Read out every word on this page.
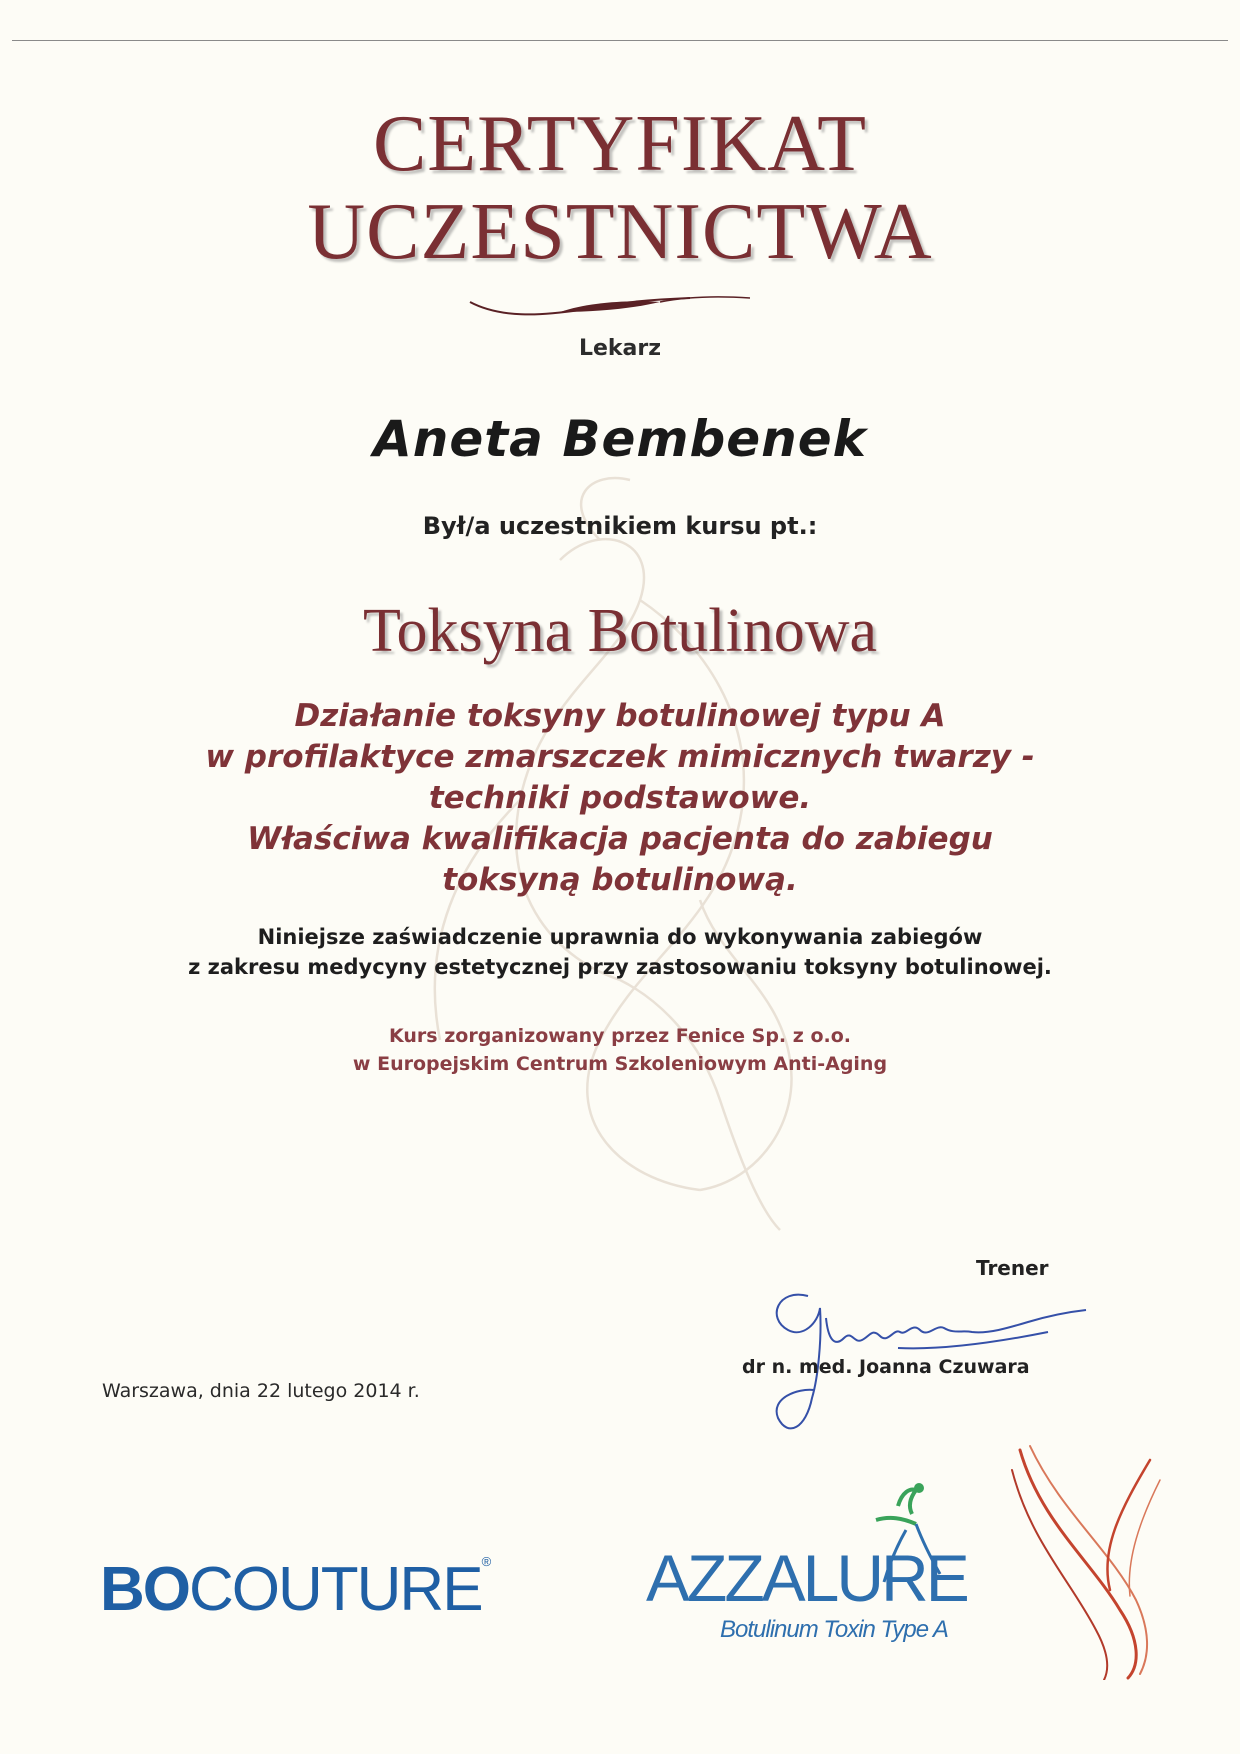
CERTYFIKAT
UCZESTNICTWA
Lekarz
Aneta Bembenek
Był/a uczestnikiem kursu pt.:
Toksyna Botulinowa
Działanie toksyny botulinowej typu A
w profilaktyce zmarszczek mimicznych twarzy -
techniki podstawowe.
Właściwa kwalifikacja pacjenta do zabiegu
toksyną botulinową.
Niniejsze zaświadczenie uprawnia do wykonywania zabiegów
z zakresu medycyny estetycznej przy zastosowaniu toksyny botulinowej.
Kurs zorganizowany przez Fenice Sp. z o.o.
w Europejskim Centrum Szkoleniowym Anti-Aging
Trener
dr n. med. Joanna Czuwara
Warszawa, dnia 22 lutego 2014 r.
BOCOUTURE® AZZALURE
Botulinum Toxin Type A
